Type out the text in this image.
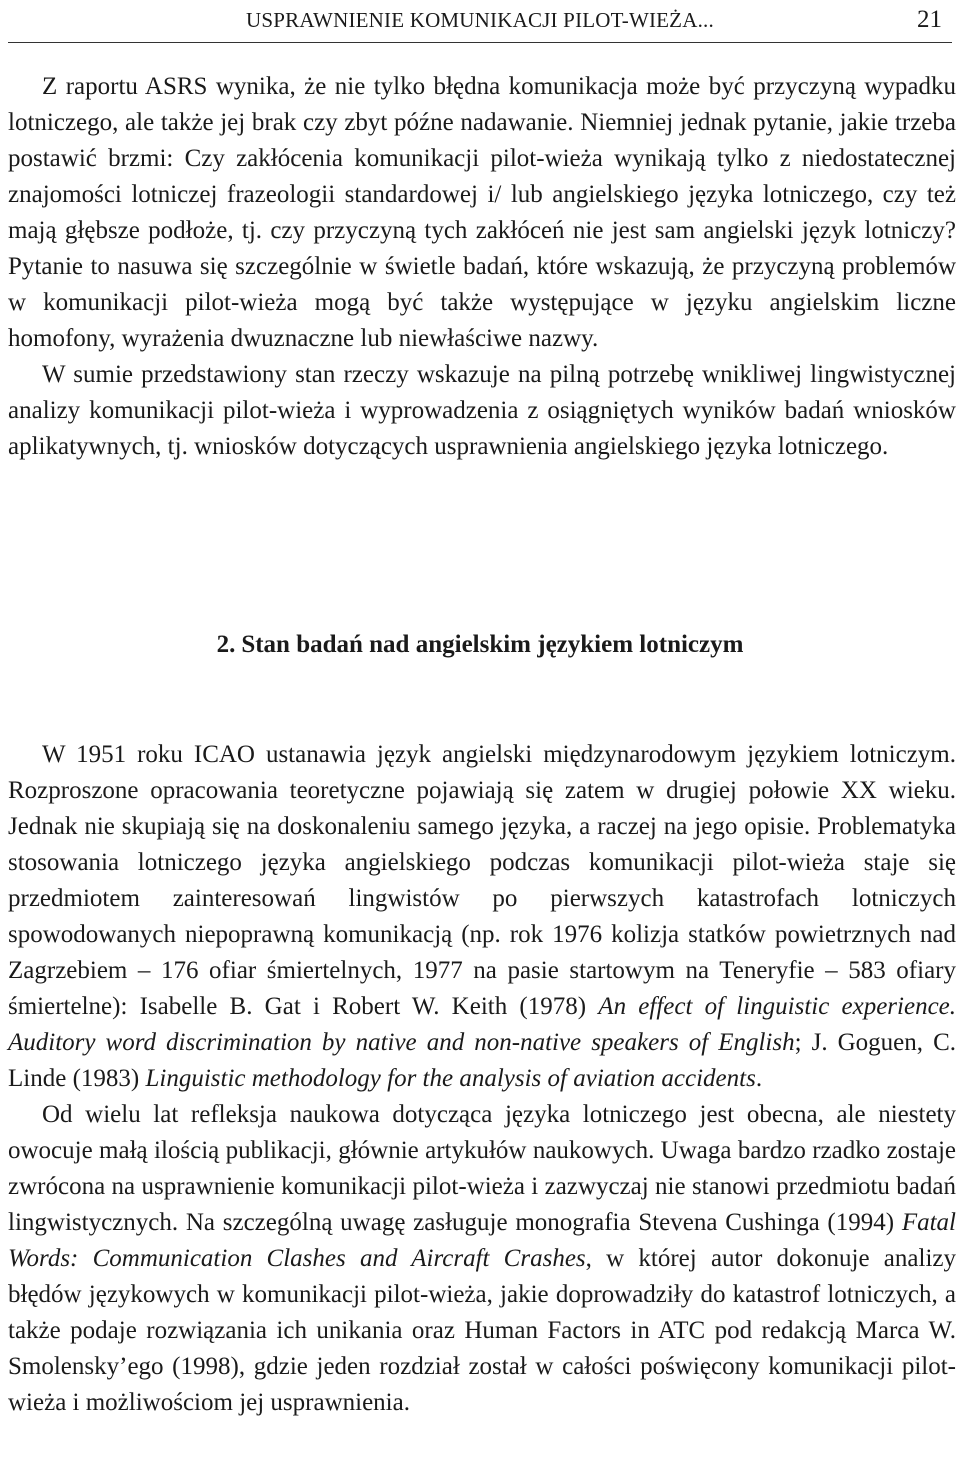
USPRAWNIENIE KOMUNIKACJI PILOT-WIEŻA...	21

Z raportu ASRS wynika, że nie tylko błędna komunikacja może być przyczyną wypadku lotniczego, ale także jej brak czy zbyt późne nadawanie. Niemniej jednak pytanie, jakie trzeba postawić brzmi: Czy zakłócenia komunikacji pilot-wieża wynikają tylko z niedostatecznej znajomości lotniczej frazeologii standardowej i/ lub angielskiego języka lotniczego, czy też mają głębsze podłoże, tj. czy przyczyną tych zakłóceń nie jest sam angielski język lotniczy? Pytanie to nasuwa się szczególnie w świetle badań, które wskazują, że przyczyną problemów w komunikacji pilot-wieża mogą być także występujące w języku angielskim liczne homofony, wyrażenia dwuznaczne lub niewłaściwe nazwy.

W sumie przedstawiony stan rzeczy wskazuje na pilną potrzebę wnikliwej lingwistycznej analizy komunikacji pilot-wieża i wyprowadzenia z osiągniętych wyników badań wniosków aplikatywnych, tj. wniosków dotyczących usprawnienia angielskiego języka lotniczego.

2. Stan badań nad angielskim językiem lotniczym

W 1951 roku ICAO ustanawia język angielski międzynarodowym językiem lotniczym. Rozproszone opracowania teoretyczne pojawiają się zatem w drugiej połowie XX wieku. Jednak nie skupiają się na doskonaleniu samego języka, a raczej na jego opisie. Problematyka stosowania lotniczego języka angielskiego podczas komunikacji pilot-wieża staje się przedmiotem zainteresowań lingwistów po pierwszych katastrofach lotniczych spowodowanych niepoprawną komunikacją (np. rok 1976 kolizja statków powietrznych nad Zagrzebiem – 176 ofiar śmiertelnych, 1977 na pasie startowym na Teneryfie – 583 ofiary śmiertelne): Isabelle B. Gat i Robert W. Keith (1978) An effect of linguistic experience. Auditory word discrimination by native and non-native speakers of English; J. Goguen, C. Linde (1983) Linguistic methodology for the analysis of aviation accidents.

Od wielu lat refleksja naukowa dotycząca języka lotniczego jest obecna, ale niestety owocuje małą ilością publikacji, głównie artykułów naukowych. Uwaga bardzo rzadko zostaje zwrócona na usprawnienie komunikacji pilot-wieża i zazwyczaj nie stanowi przedmiotu badań lingwistycznych. Na szczególną uwagę zasługuje monografia Stevena Cushinga (1994) Fatal Words: Communication Clashes and Aircraft Crashes, w której autor dokonuje analizy błędów językowych w komunikacji pilot-wieża, jakie doprowadziły do katastrof lotniczych, a także podaje rozwiązania ich unikania oraz Human Factors in ATC pod redakcją Marca W. Smolensky’ego (1998), gdzie jeden rozdział został w całości poświęcony komunikacji pilot-wieża i możliwościom jej usprawnienia.
